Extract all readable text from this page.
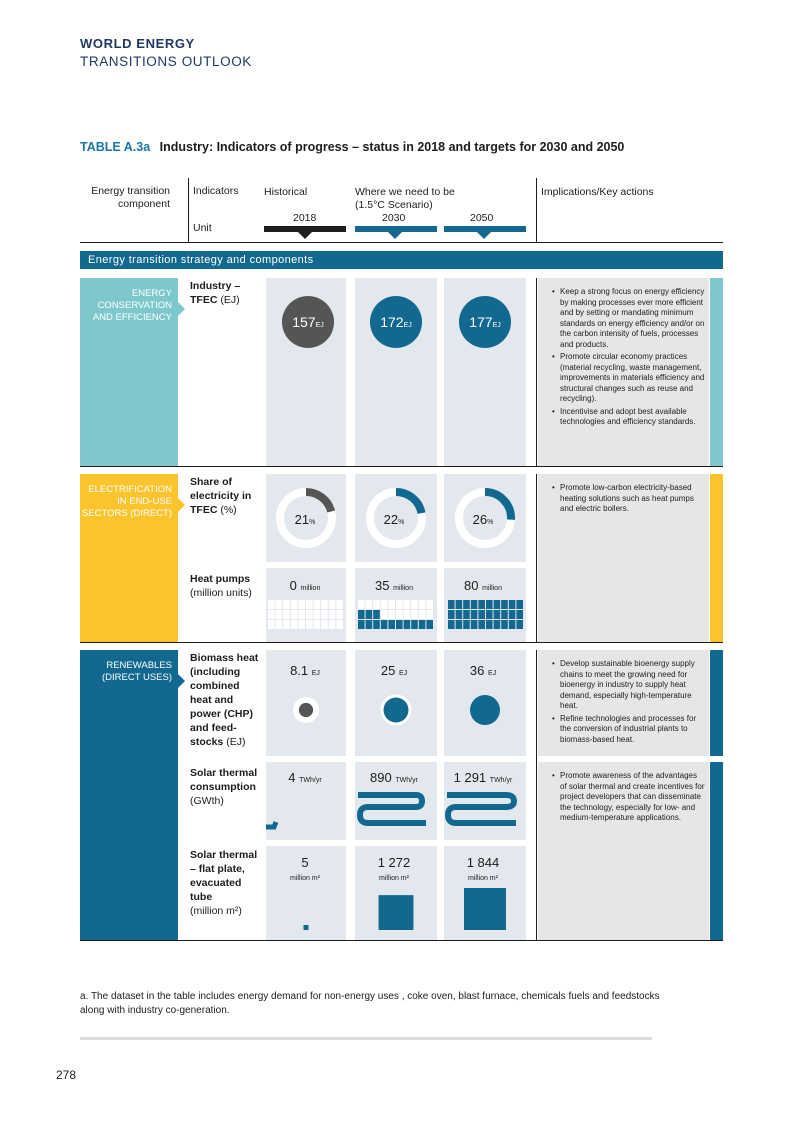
WORLD ENERGY
TRANSITIONS OUTLOOK
TABLE A.3a Industry: Indicators of progress – status in 2018 and targets for 2030 and 2050
Energy transition component
Indicators
Unit
Historical	Where we need to be
(1.5°C Scenario)
2018	2030	2050
Implications/Key actions
Energy transition strategy and components
ENERGY CONSERVATION AND EFFICIENCY
Industry – TFEC (EJ)
157EJ	172EJ	177EJ
• Keep a strong focus on energy efficiency by making processes ever more efficient and by setting or mandating minimum standards on energy efficiency and/or on the carbon intensity of fuels, processes and products.
• Promote circular economy practices (material recycling, waste management, improvements in materials efficiency and structural changes such as reuse and recycling).
• Incentivise and adopt best available technologies and efficiency standards.
ELECTRIFICATION IN END-USE SECTORS (DIRECT)
Share of electricity in TFEC (%)
21%	22%	26%
Heat pumps
(million units)	0 million	35 million	80 million
• Promote low-carbon electricity-based heating solutions such as heat pumps and electric boilers.
RENEWABLES (DIRECT USES)
Biomass heat (including combined heat and power (CHP) and feed-stocks (EJ)
8.1 EJ	25 EJ	36 EJ
Solar thermal consumption
(GWth)
4 TWh/yr	890 TWh/yr	1 291 TWh/yr
Solar thermal – flat plate, evacuated tube
(million m²)
5
million m²
1 272
million m²
1 844
million m²
• Develop sustainable bioenergy supply chains to meet the growing need for bioenergy in industry to supply heat demand, especially high-temperature heat.
• Refine technologies and processes for the conversion of industrial plants to biomass-based heat.
• Promote awareness of the advantages of solar thermal and create incentives for project developers that can disseminate the technology, especially for low- and medium-temperature applications.
a. The dataset in the table includes energy demand for non-energy uses , coke oven, blast furnace, chemicals fuels and feedstocks along with industry co-generation.
278
